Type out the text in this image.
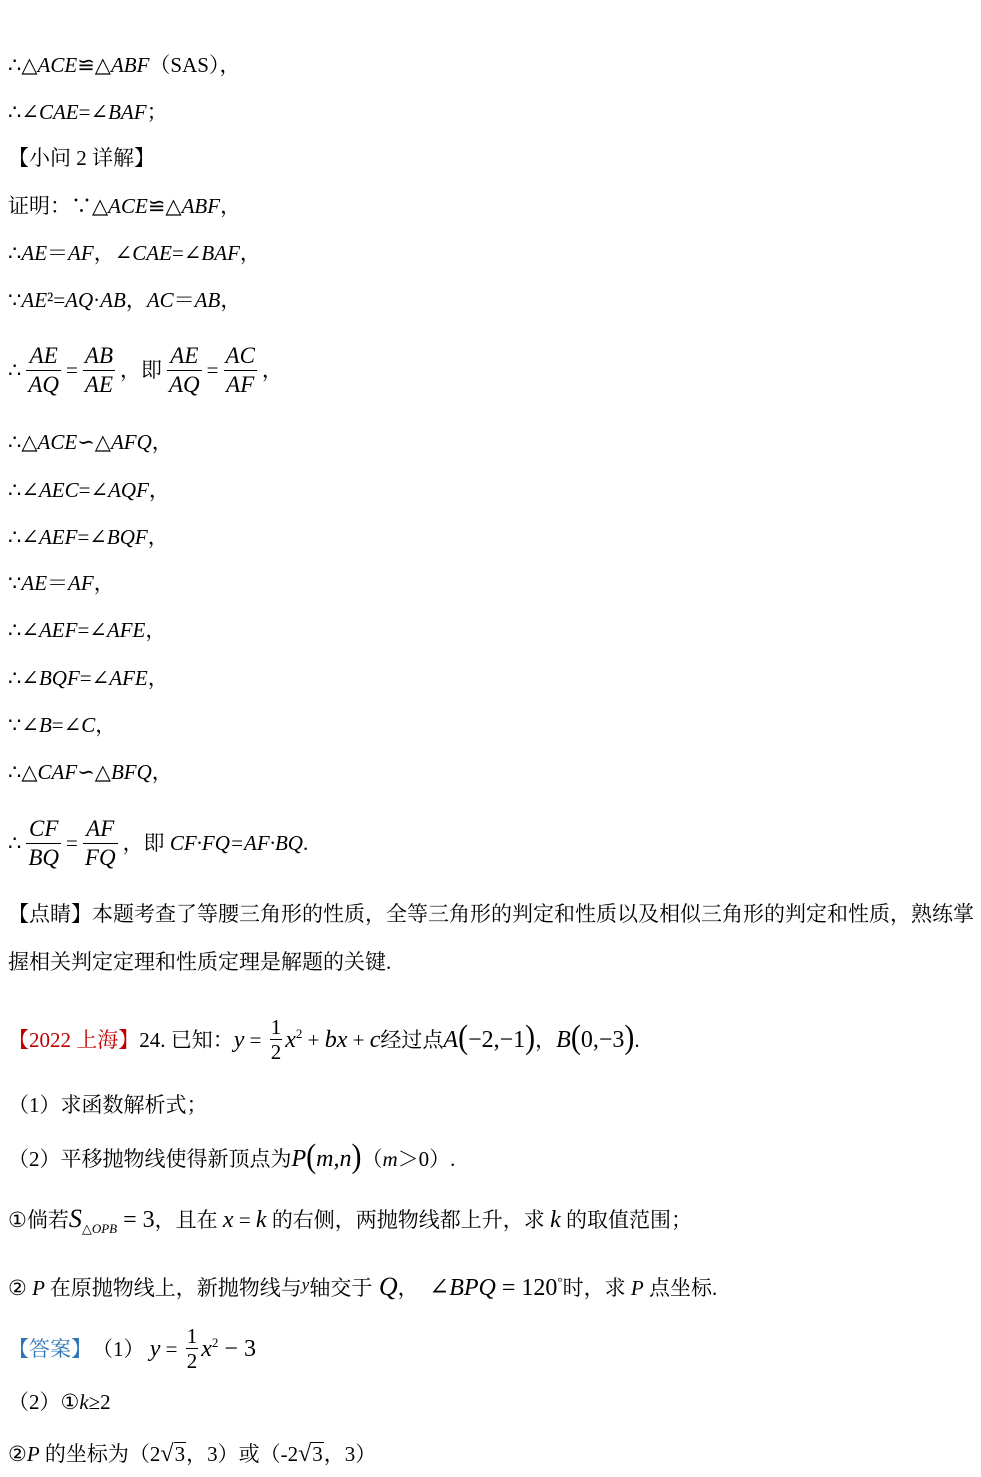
∴△ ACE ≌△ ABF （SAS），
∴∠ CAE =∠ BAF ；
【小问 2 详解】
证明：∵△ ACE ≌△ ABF ，
∴ AE ＝ AF ，∠ CAE =∠ BAF ，
∵ AE ²= AQ · AB ， AC ＝ AB ，
∴ $\frac{AE}{AQ} = \frac{AB}{AE}$ ，即 $\frac{AE}{AQ} = \frac{AC}{AF}$ ，
∴△ ACE ∽△ AFQ ，
∴∠ AEC =∠ AQF ，
∴∠ AEF =∠ BQF ，
∵ AE ＝ AF ，
∴∠ AEF =∠ AFE ，
∴∠ BQF =∠ AFE ，
∵∠ B =∠ C ，
∴△ CAF ∽△ BFQ ，
∴ $\frac{CF}{BQ} = \frac{AF}{FQ}$ ，即  CF·FQ=AF·BQ .
【点睛】本题考查了等腰三角形的性质，全等三角形的判定和性质以及相似三角形的判定和性质，熟练掌
握相关判定定理和性质定理是解题的关键.
【2022 上海】 24. 已知： $y = \frac{1}{2}$ x $^2$  +  bx  +  c 经过点 A ( −2,−1 ) ， B ( 0,−3 ) .
（1）求函数解析式；
（2）平移抛物线使得新顶点为 P ( m,n ) （ m ＞0）.
① 倘若 S $_{\triangle OPB}$  = 3 ，且在  x  =  k  的右侧，两抛物线都上升，求  k  的取值范围；
②  P  在原抛物线上，新抛物线与 y 轴交于  Q ，   ∠ BPQ  = 120 ° 时，求  P  点坐标.
【答案】 （1）  $y = \frac{1}{2}$ x $^2$  − 3
（2） ① k ≥2
② P  的坐标为（2 √ 3 ，3）或（-2 √ 3 ，3）
